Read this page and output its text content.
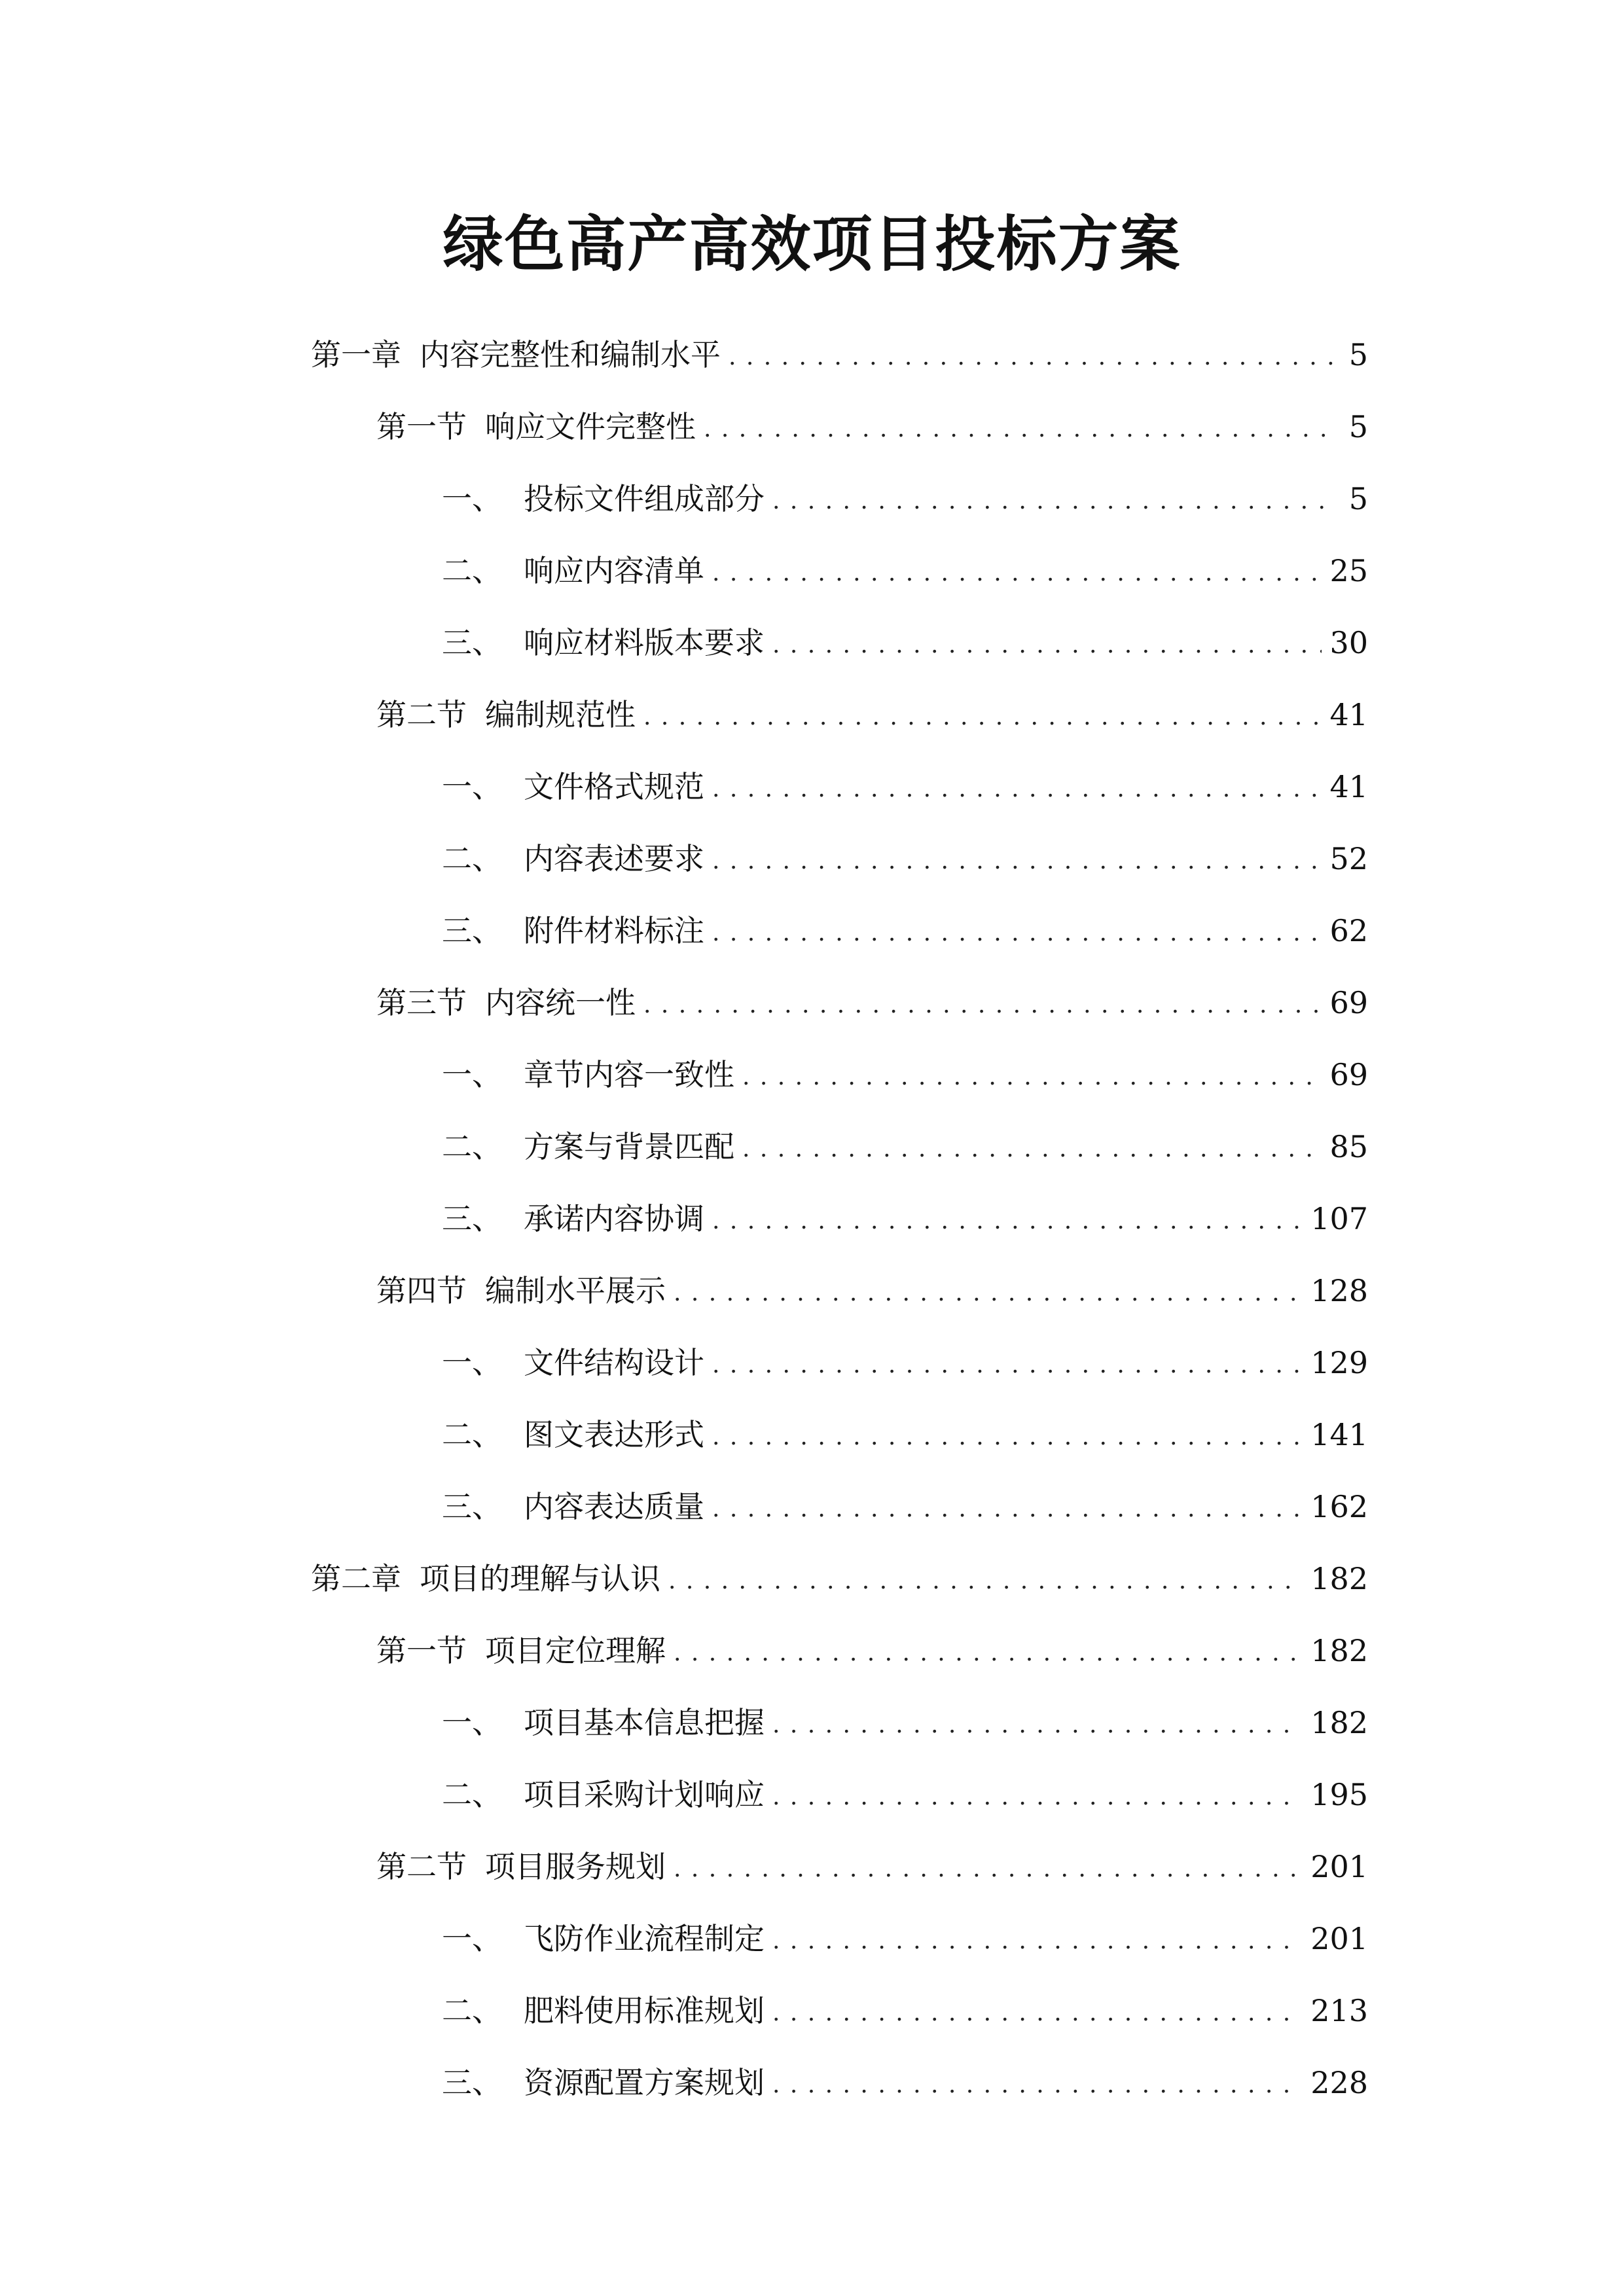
绿色高产高效项目投标方案
第一章 内容完整性和编制水平 . . .	5
第一节 响应文件完整性 . . .	5
一、 投标文件组成部分 . . .	5
二、 响应内容清单 . . .	25
三、 响应材料版本要求 . . .	30
第二节 编制规范性 . . .	41
一、 文件格式规范 . . .	41
二、 内容表述要求 . . .	52
三、 附件材料标注 . . .	62
第三节 内容统一性 . . .	69
一、 章节内容一致性 . . .	69
二、 方案与背景匹配 . . .	85
三、 承诺内容协调 . . .	107
第四节 编制水平展示 . . .	128
一、 文件结构设计 . . .	129
二、 图文表达形式 . . .	141
三、 内容表达质量 . . .	162
第二章 项目的理解与认识 . . .	182
第一节 项目定位理解 . . .	182
一、 项目基本信息把握 . . .	182
二、 项目采购计划响应 . . .	195
第二节 项目服务规划 . . .	201
一、 飞防作业流程制定 . . .	201
二、 肥料使用标准规划 . . .	213
三、 资源配置方案规划 . . .	228
